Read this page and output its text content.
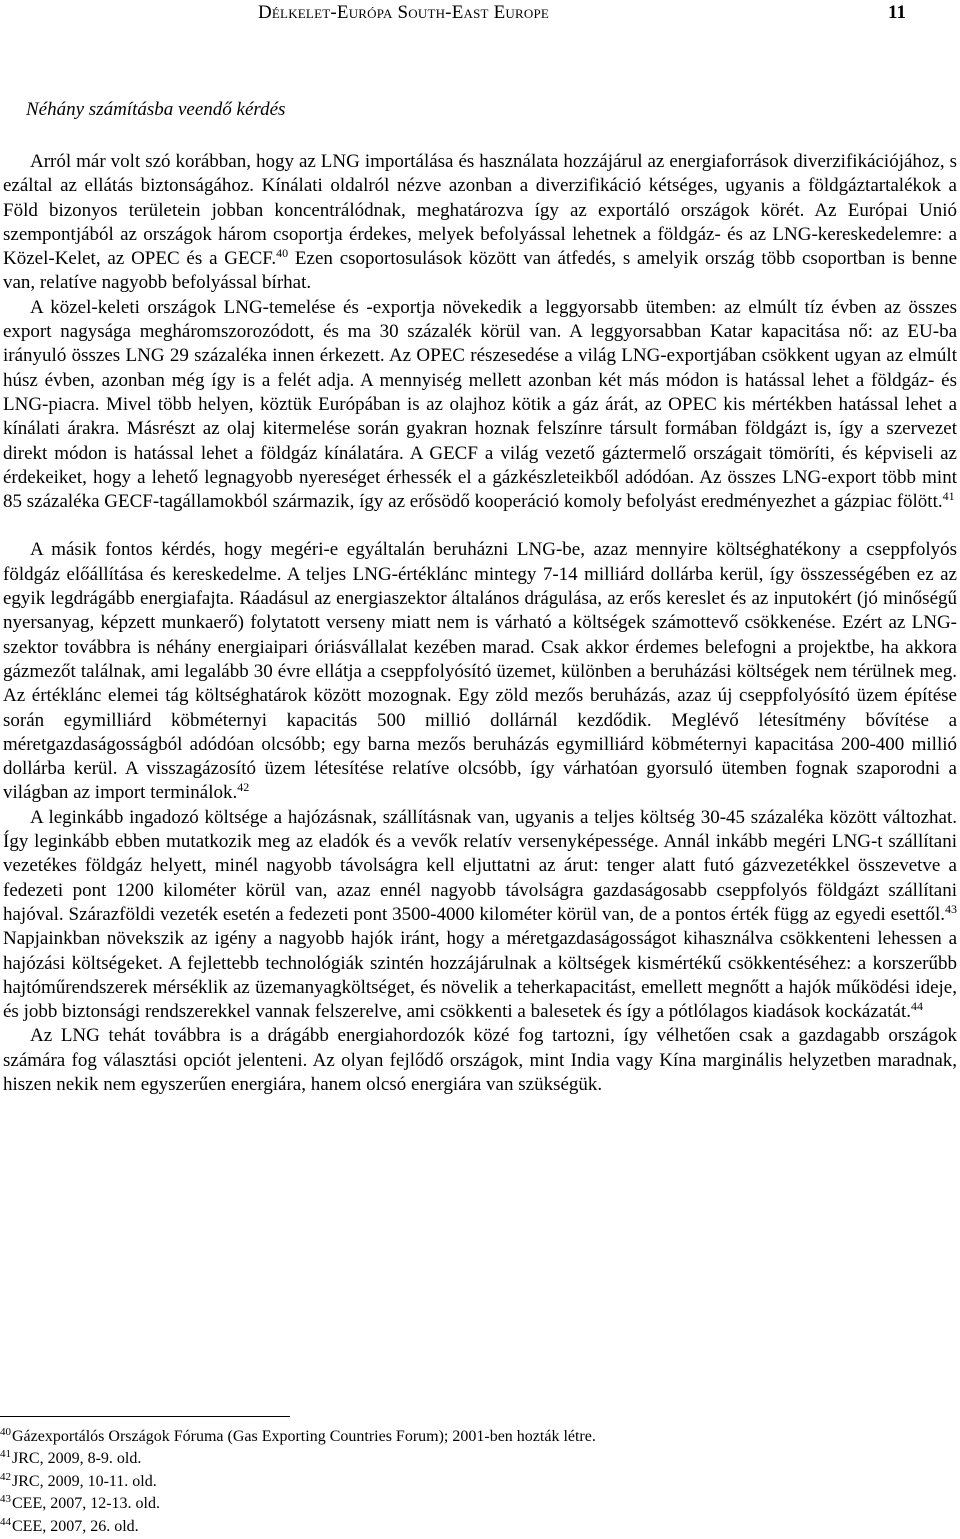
Délkelet-Európa South-East Europe	11
Néhány számításba veendő kérdés

Arról már volt szó korábban, hogy az LNG importálása és használata hozzájárul az energiaforrások diverzifikációjához, s ezáltal az ellátás biztonságához. Kínálati oldalról nézve azonban a diverzifikáció kétséges, ugyanis a földgáztartalékok a Föld bizonyos területein jobban koncentrálódnak, meghatározva így az exportáló országok körét. Az Európai Unió szempontjából az országok három csoportja érdekes, melyek befolyással lehetnek a földgáz- és az LNG-kereskedelemre: a Közel-Kelet, az OPEC és a GECF.$^{40}$ Ezen csoportosulások között van átfedés, s amelyik ország több csoportban is benne van, relatíve nagyobb befolyással bírhat.

A közel-keleti országok LNG-temelése és -exportja növekedik a leggyorsabb ütemben: az elmúlt tíz évben az összes export nagysága megháromszorozódott, és ma 30 százalék körül van. A leggyorsabban Katar kapacitása nő: az EU-ba irányuló összes LNG 29 százaléka innen érkezett. Az OPEC részesedése a világ LNG-exportjában csökkent ugyan az elmúlt húsz évben, azonban még így is a felét adja. A mennyiség mellett azonban két más módon is hatással lehet a földgáz- és LNG-piacra. Mivel több helyen, köztük Európában is az olajhoz kötik a gáz árát, az OPEC kis mértékben hatással lehet a kínálati árakra. Másrészt az olaj kitermelése során gyakran hoznak felszínre társult formában földgázt is, így a szervezet direkt módon is hatással lehet a földgáz kínálatára. A GECF a világ vezető gáztermelő országait tömöríti, és képviseli az érdekeiket, hogy a lehető legnagyobb nyereséget érhessék el a gázkészleteikből adódóan. Az összes LNG-export több mint 85 százaléka GECF-tagállamokból származik, így az erősödő kooperáció komoly befolyást eredményezhet a gázpiac fölött.$^{41}$

A másik fontos kérdés, hogy megéri-e egyáltalán beruházni LNG-be, azaz mennyire költséghatékony a cseppfolyós földgáz előállítása és kereskedelme. A teljes LNG-értéklánc mintegy 7-14 milliárd dollárba kerül, így összességében ez az egyik legdrágább energiafajta. Ráadásul az energiaszektor általános drágulása, az erős kereslet és az inputokért (jó minőségű nyersanyag, képzett munkaerő) folytatott verseny miatt nem is várható a költségek számottevő csökkenése. Ezért az LNG-szektor továbbra is néhány energiaipari óriásvállalat kezében marad. Csak akkor érdemes belefogni a projektbe, ha akkora gázmezőt találnak, ami legalább 30 évre ellátja a cseppfolyósító üzemet, különben a beruházási költségek nem térülnek meg. Az értéklánc elemei tág költséghatárok között mozognak. Egy zöld mezős beruházás, azaz új cseppfolyósító üzem építése során egymilliárd köbméternyi kapacitás 500 millió dollárnál kezdődik. Meglévő létesítmény bővítése a méretgazdaságosságból adódóan olcsóbb; egy barna mezős beruházás egymilliárd köbméternyi kapacitása 200-400 millió dollárba kerül. A visszagázosító üzem létesítése relatíve olcsóbb, így várhatóan gyorsuló ütemben fognak szaporodni a világban az import terminálok.$^{42}$

A leginkább ingadozó költsége a hajózásnak, szállításnak van, ugyanis a teljes költség 30-45 százaléka között változhat. Így leginkább ebben mutatkozik meg az eladók és a vevők relatív versenyképessége. Annál inkább megéri LNG-t szállítani vezetékes földgáz helyett, minél nagyobb távolságra kell eljuttatni az árut: tenger alatt futó gázvezetékkel összevetve a fedezeti pont 1200 kilométer körül van, azaz ennél nagyobb távolságra gazdaságosabb cseppfolyós földgázt szállítani hajóval. Szárazföldi vezeték esetén a fedezeti pont 3500-4000 kilométer körül van, de a pontos érték függ az egyedi esettől.$^{43}$ Napjainkban növekszik az igény a nagyobb hajók iránt, hogy a méretgazdaságosságot kihasználva csökkenteni lehessen a hajózási költségeket. A fejlettebb technológiák szintén hozzájárulnak a költségek kismértékű csökkentéséhez: a korszerűbb hajtóműrendszerek mérséklik az üzemanyagköltséget, és növelik a teherkapacitást, emellett megnőtt a hajók működési ideje, és jobb biztonsági rendszerekkel vannak felszerelve, ami csökkenti a balesetek és így a pótlólagos kiadások kockázatát.$^{44}$

Az LNG tehát továbbra is a drágább energiahordozók közé fog tartozni, így vélhetően csak a gazdagabb országok számára fog választási opciót jelenteni. Az olyan fejlődő országok, mint India vagy Kína marginális helyzetben maradnak, hiszen nekik nem egyszerűen energiára, hanem olcsó energiára van szükségük.

$^{40}$Gázexportálós Országok Fóruma (Gas Exporting Countries Forum); 2001-ben hozták létre.

$^{41}$JRC, 2009, 8-9. old.

$^{42}$JRC, 2009, 10-11. old.

$^{43}$CEE, 2007, 12-13. old.

$^{44}$CEE, 2007, 26. old.
